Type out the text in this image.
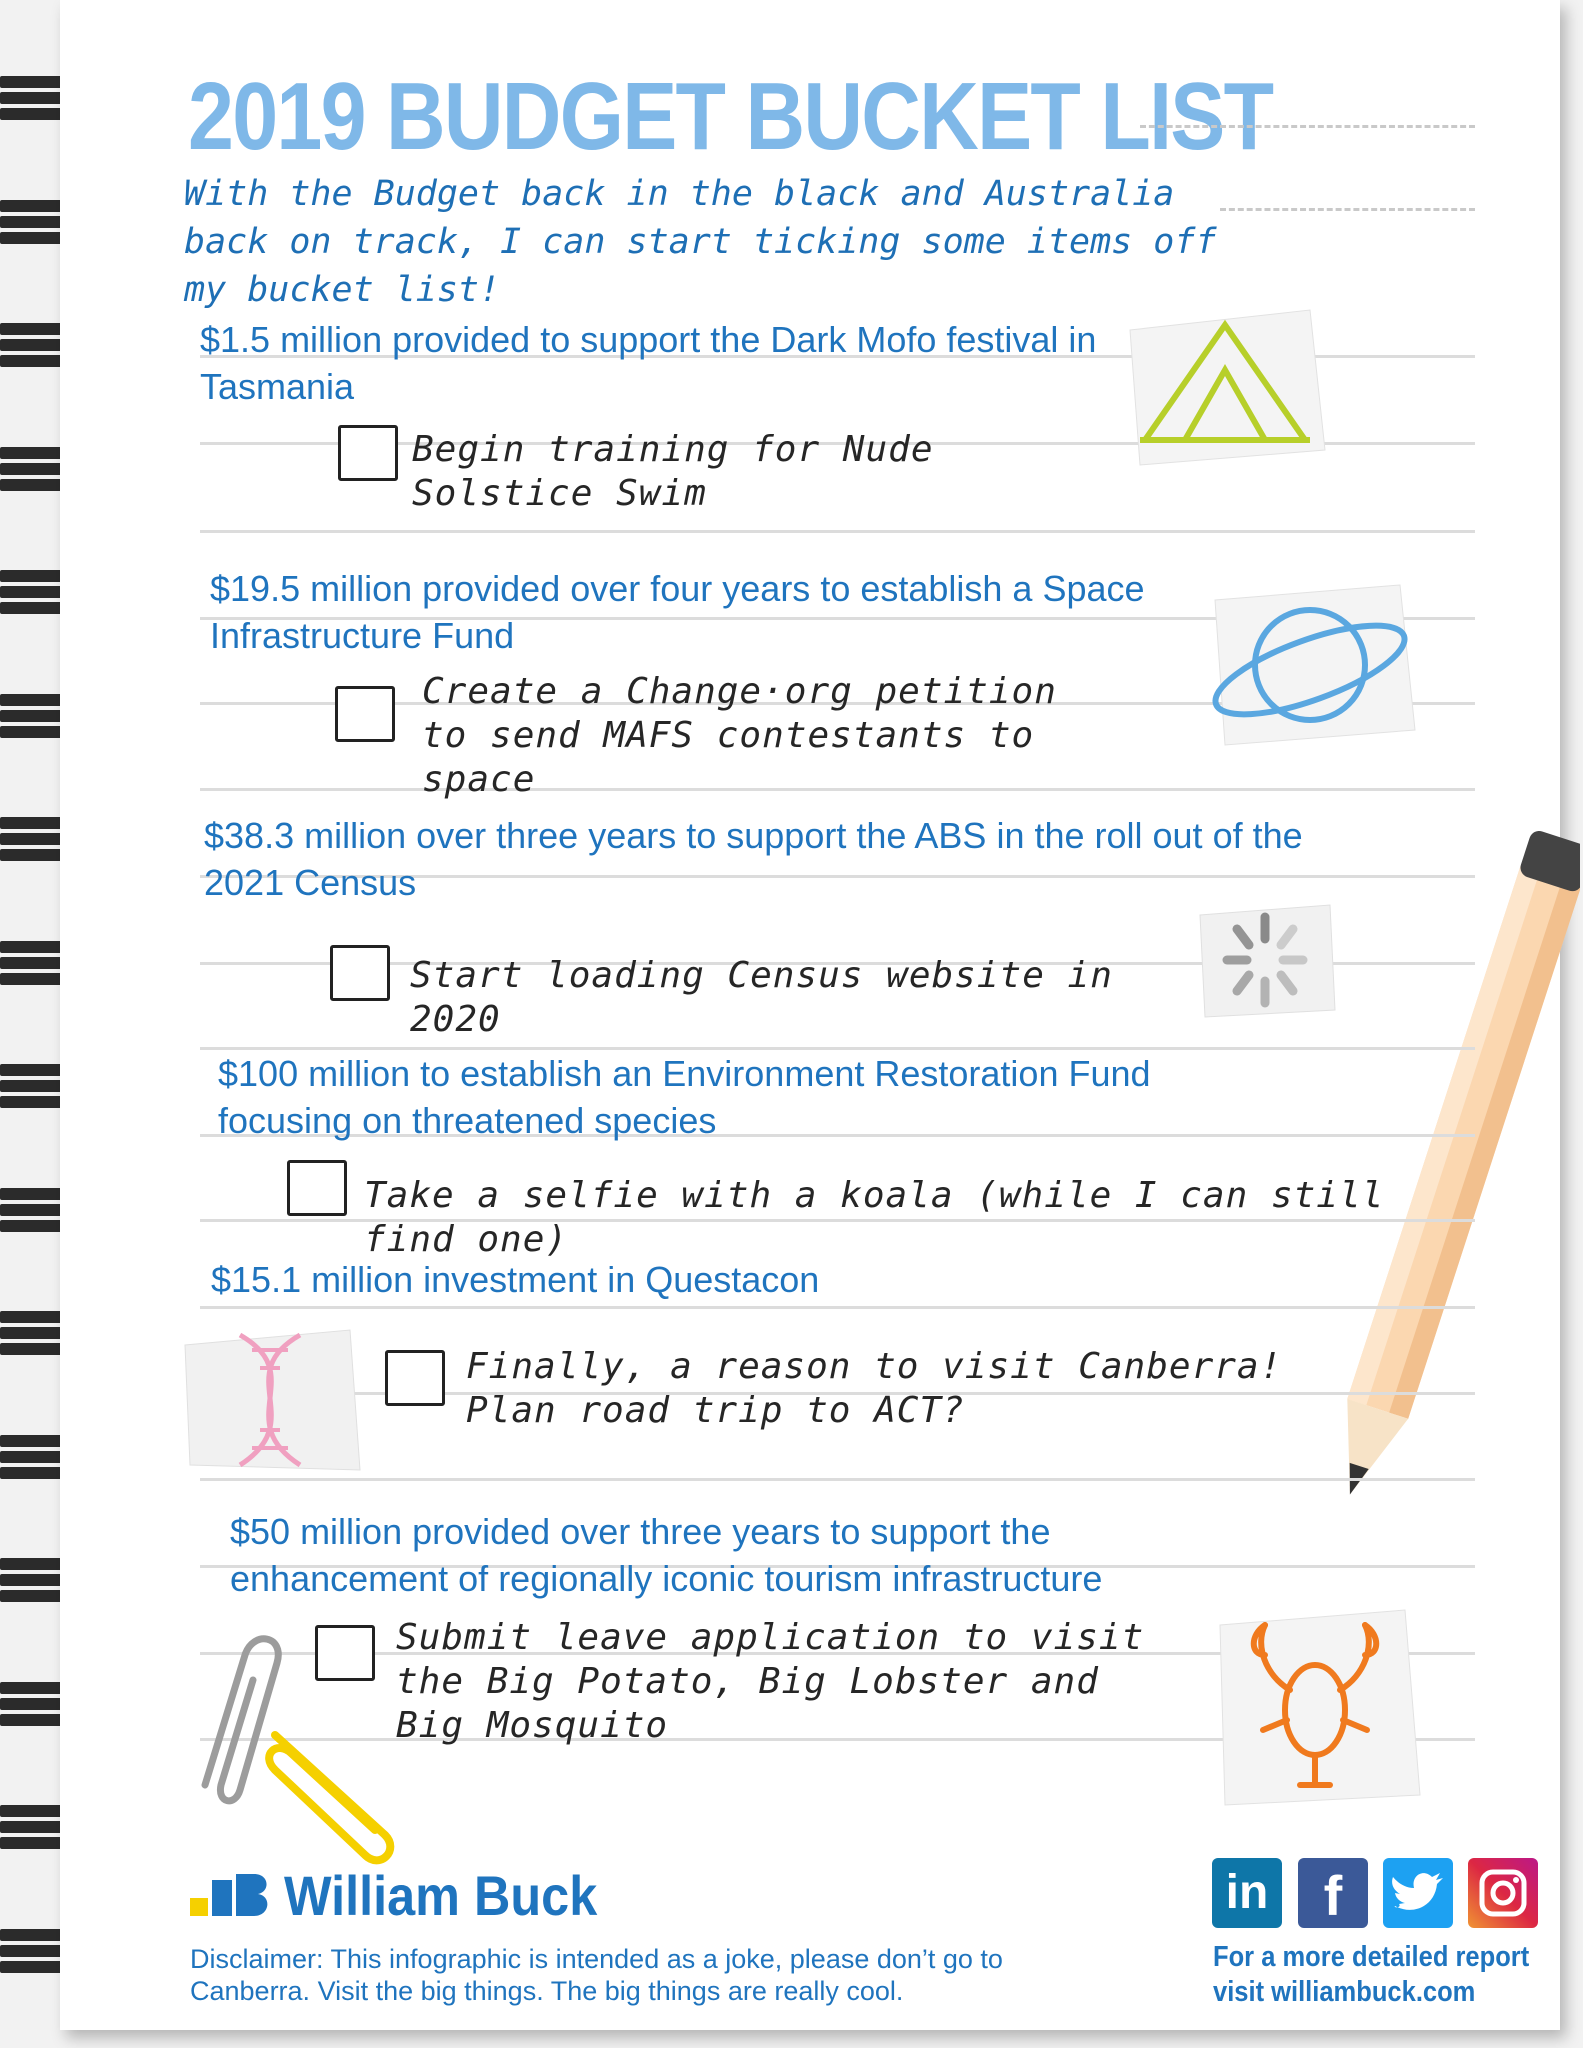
2019 BUDGET BUCKET LIST
With the Budget back in the black and Australia back on track, I can start ticking some items off my bucket list!
$1.5 million provided to support the Dark Mofo festival in Tasmania
Begin training for Nude Solstice Swim
$19.5 million provided over four years to establish a Space Infrastructure Fund
Create a Change·org petition to send MAFS contestants to space
$38.3 million over three years to support the ABS in the roll out of the 2021 Census
Start loading Census website in 2020
$100 million to establish an Environment Restoration Fund focusing on threatened species
Take a selfie with a koala (while I can still find one)
$15.1 million investment in Questacon
Finally, a reason to visit Canberra! Plan road trip to ACT?
$50 million provided over three years to support the enhancement of regionally iconic tourism infrastructure
Submit leave application to visit the Big Potato, Big Lobster and Big Mosquito
William Buck
Disclaimer: This infographic is intended as a joke, please don’t go to Canberra. Visit the big things. The big things are really cool.
in f
For a more detailed report
visit williambuck.com
